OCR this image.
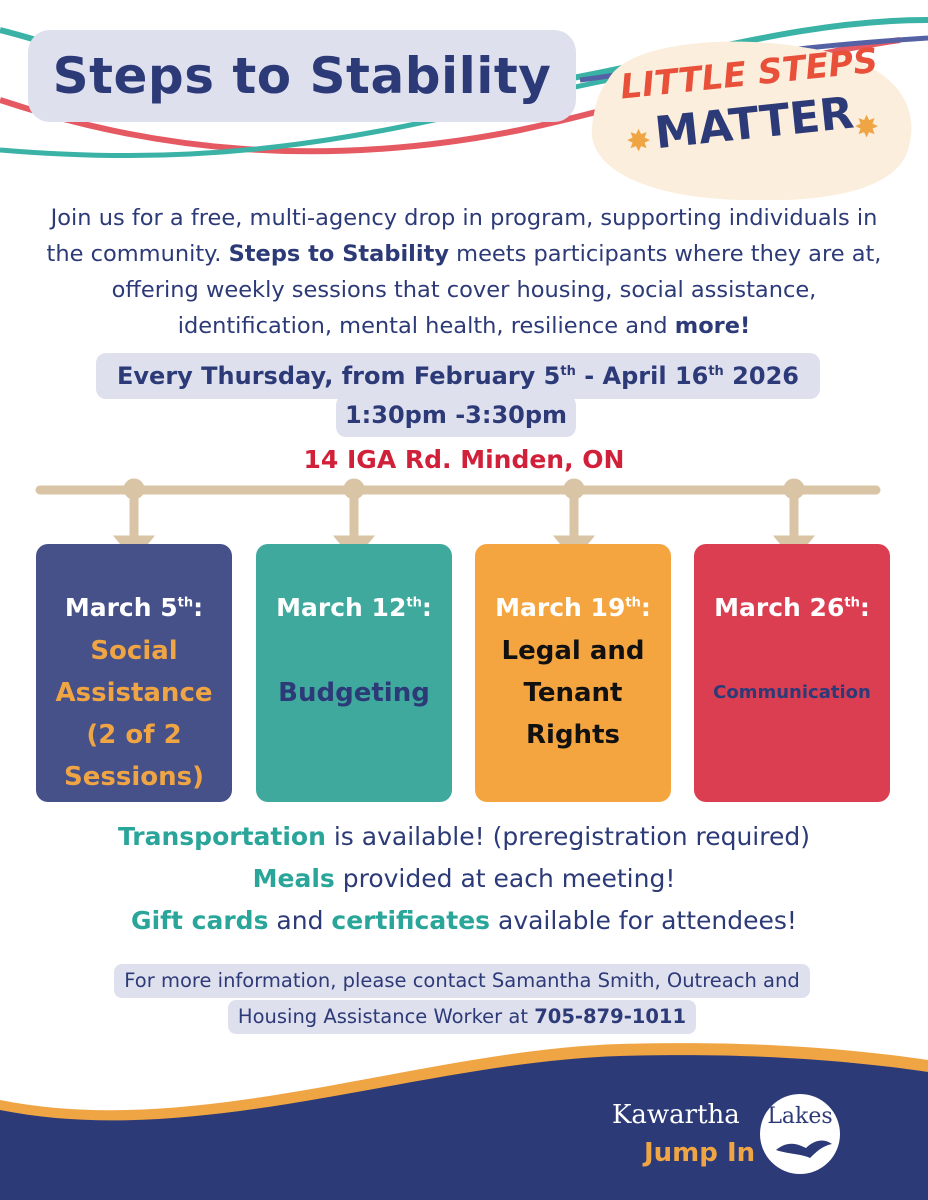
Steps to Stability	LITTLE STEPS
MATTER
✸	✸
Join us for a free, multi-agency drop in program, supporting individuals in the community. Steps to Stability meets participants where they are at, offering weekly sessions that cover housing, social assistance, identification, mental health, resilience and more!
Every Thursday, from February 5th - April 16th 2026
1:30pm -3:30pm
14 IGA Rd. Minden, ON
March 5th:
Social
Assistance
(2 of 2
Sessions)
March 12th:
Budgeting
March 19th:
Legal and
Tenant
Rights
March 26th:
Communication
Transportation is available! (preregistration required)
Meals provided at each meeting!
Gift cards and certificates available for attendees!
For more information, please contact Samantha Smith, Outreach and
Housing Assistance Worker at 705-879-1011
Kawartha	Lakes
Jump In
